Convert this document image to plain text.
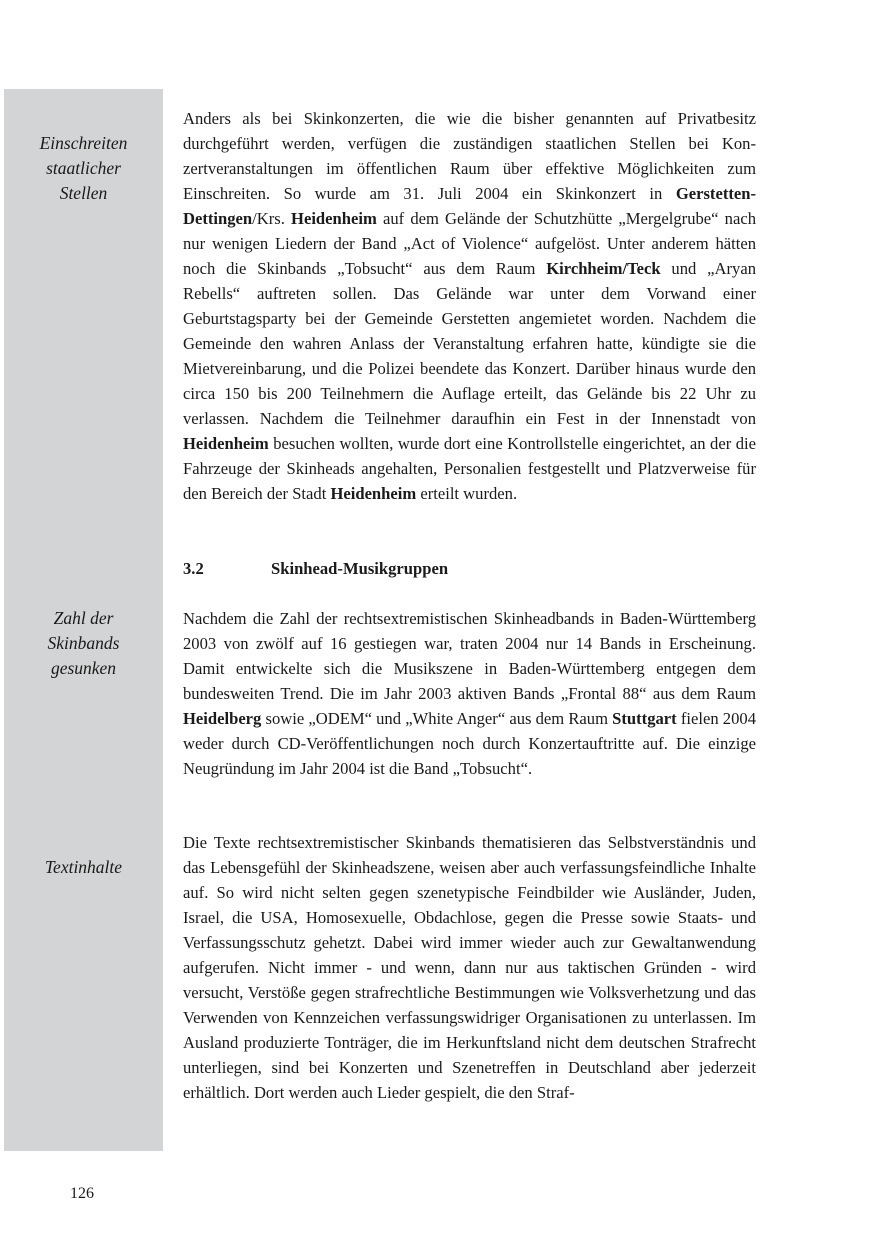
Einschreiten
staatlicher
Stellen
Zahl der
Skinbands
gesunken
Textinhalte

Anders als bei Skinkonzerten, die wie die bisher genannten auf Privatbesitz durchgeführt werden, verfügen die zuständigen staatlichen Stellen bei Konzertveranstaltungen im öffentlichen Raum über effektive Möglichkeiten zum Einschreiten. So wurde am 31. Juli 2004 ein Skinkonzert in Gerstetten-Dettingen/Krs. Heidenheim auf dem Gelände der Schutzhütte „Mergelgrube“ nach nur wenigen Liedern der Band „Act of Violence“ aufgelöst. Unter anderem hätten noch die Skinbands „Tobsucht“ aus dem Raum Kirchheim/Teck und „Aryan Rebells“ auftreten sollen. Das Gelände war unter dem Vorwand einer Geburtstagsparty bei der Gemeinde Gerstetten angemietet worden. Nachdem die Gemeinde den wahren Anlass der Veranstaltung erfahren hatte, kündigte sie die Mietvereinbarung, und die Polizei beendete das Konzert. Darüber hinaus wurde den circa 150 bis 200 Teilnehmern die Auflage erteilt, das Gelände bis 22 Uhr zu verlassen. Nachdem die Teilnehmer daraufhin ein Fest in der Innenstadt von Heidenheim besuchen wollten, wurde dort eine Kontrollstelle eingerichtet, an der die Fahrzeuge der Skinheads angehalten, Personalien festgestellt und Platzverweise für den Bereich der Stadt Heidenheim erteilt wurden.

3.2	Skinhead-Musikgruppen

Nachdem die Zahl der rechtsextremistischen Skinheadbands in Baden-Württemberg 2003 von zwölf auf 16 gestiegen war, traten 2004 nur 14 Bands in Erscheinung. Damit entwickelte sich die Musikszene in Baden-Württemberg entgegen dem bundesweiten Trend. Die im Jahr 2003 aktiven Bands „Frontal 88“ aus dem Raum Heidelberg sowie „ODEM“ und „White Anger“ aus dem Raum Stuttgart fielen 2004 weder durch CD-Veröffentlichungen noch durch Konzertauftritte auf. Die einzige Neugründung im Jahr 2004 ist die Band „Tobsucht“.

Die Texte rechtsextremistischer Skinbands thematisieren das Selbstverständnis und das Lebensgefühl der Skinheadszene, weisen aber auch verfassungsfeindliche Inhalte auf. So wird nicht selten gegen szenetypische Feindbilder wie Ausländer, Juden, Israel, die USA, Homosexuelle, Obdachlose, gegen die Presse sowie Staats- und Verfassungsschutz gehetzt. Dabei wird immer wieder auch zur Gewaltanwendung aufgerufen. Nicht immer - und wenn, dann nur aus taktischen Gründen - wird versucht, Verstöße gegen strafrechtliche Bestimmungen wie Volksverhetzung und das Verwenden von Kennzeichen verfassungswidriger Organisationen zu unterlassen. Im Ausland produzierte Tonträger, die im Herkunftsland nicht dem deutschen Strafrecht unterliegen, sind bei Konzerten und Szenetreffen in Deutschland aber jederzeit erhältlich. Dort werden auch Lieder gespielt, die den Straf-

126
